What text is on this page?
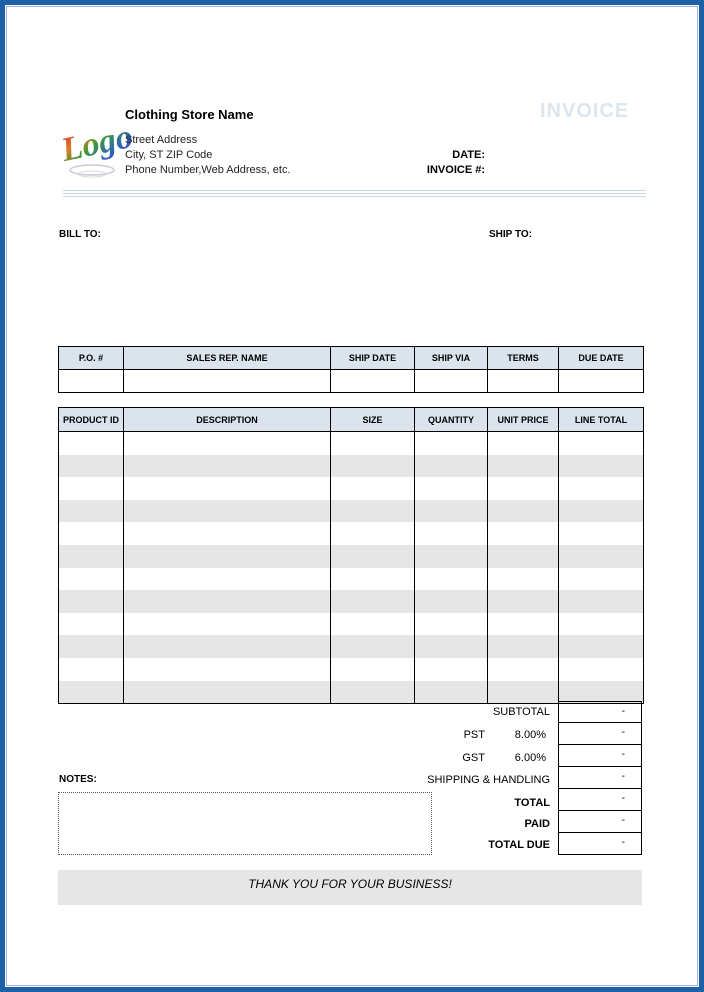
Logo
Clothing Store Name
Street Address
City, ST ZIP Code
Phone Number,Web Address, etc.
INVOICE
DATE:
INVOICE #:
BILL TO:	SHIP TO:
P.O. #	SALES REP. NAME	SHIP DATE	SHIP VIA	TERMS	DUE DATE

PRODUCT ID	DESCRIPTION	SIZE	QUANTITY	UNIT PRICE	LINE TOTAL

SUBTOTAL	-
PST	8.00%	-
GST	6.00%	-
SHIPPING & HANDLING	-
TOTAL	-
PAID	-
TOTAL DUE	-
NOTES:
THANK YOU FOR YOUR BUSINESS!
